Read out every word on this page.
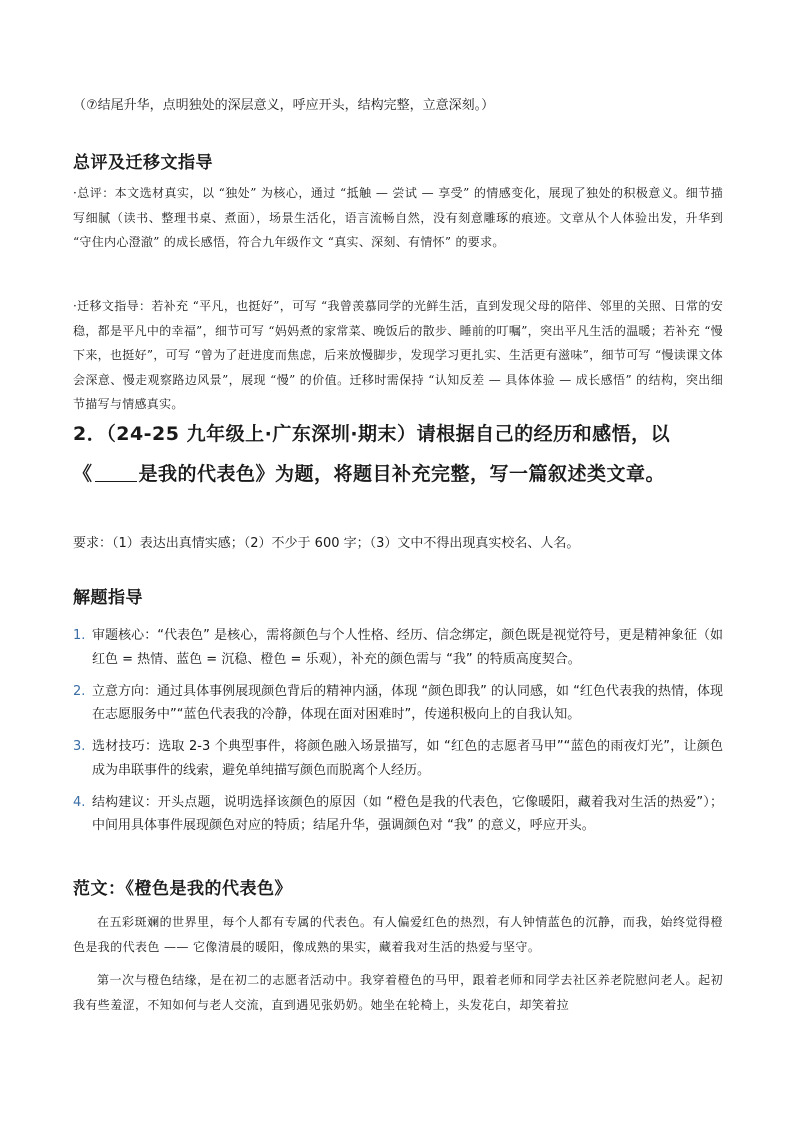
（⑦结尾升华，点明独处的深层意义，呼应开头，结构完整，立意深刻。）
总评及迁移文指导
·总评：本文选材真实，以 “独处” 为核心，通过 “抵触 — 尝试 — 享受” 的情感变化，展现了独处的积极意义。细节描写细腻（读书、整理书桌、煮面），场景生活化，语言流畅自然，没有刻意雕琢的痕迹。文章从个人体验出发，升华到 “守住内心澄澈” 的成长感悟，符合九年级作文 “真实、深刻、有情怀” 的要求。
·迁移文指导：若补充 “平凡，也挺好”，可写 “我曾羡慕同学的光鲜生活，直到发现父母的陪伴、邻里的关照、日常的安稳，都是平凡中的幸福”，细节可写 “妈妈煮的家常菜、晚饭后的散步、睡前的叮嘱”，突出平凡生活的温暖；若补充 “慢下来，也挺好”，可写 “曾为了赶进度而焦虑，后来放慢脚步，发现学习更扎实、生活更有滋味”，细节可写 “慢读课文体会深意、慢走观察路边风景”，展现 “慢” 的价值。迁移时需保持 “认知反差 — 具体体验 — 成长感悟” 的结构，突出细节描写与情感真实。
2．（24-25 九年级上·广东深圳·期末）请根据自己的经历和感悟，以
《 是我的代表色》为题，将题目补充完整，写一篇叙述类文章。
要求：（1）表达出真情实感；（2）不少于 600 字；（3）文中不得出现真实校名、人名。
解题指导
1. 审题核心：“代表色” 是核心，需将颜色与个人性格、经历、信念绑定，颜色既是视觉符号，更是精神象征（如红色 = 热情、蓝色 = 沉稳、橙色 = 乐观），补充的颜色需与 “我” 的特质高度契合。
2. 立意方向：通过具体事例展现颜色背后的精神内涵，体现 “颜色即我” 的认同感，如 “红色代表我的热情，体现在志愿服务中”“蓝色代表我的冷静，体现在面对困难时”，传递积极向上的自我认知。
3. 选材技巧：选取 2-3 个典型事件，将颜色融入场景描写，如 “红色的志愿者马甲”“蓝色的雨夜灯光”，让颜色成为串联事件的线索，避免单纯描写颜色而脱离个人经历。
4. 结构建议：开头点题，说明选择该颜色的原因（如 “橙色是我的代表色，它像暖阳，藏着我对生活的热爱”）；中间用具体事件展现颜色对应的特质；结尾升华，强调颜色对 “我” 的意义，呼应开头。
范文：《橙色是我的代表色》
在五彩斑斓的世界里，每个人都有专属的代表色。有人偏爱红色的热烈，有人钟情蓝色的沉静，而我，始终觉得橙色是我的代表色 —— 它像清晨的暖阳，像成熟的果实，藏着我对生活的热爱与坚守。
第一次与橙色结缘，是在初二的志愿者活动中。我穿着橙色的马甲，跟着老师和同学去社区养老院慰问老人。起初我有些羞涩，不知如何与老人交流，直到遇见张奶奶。她坐在轮椅上，头发花白，却笑着拉
